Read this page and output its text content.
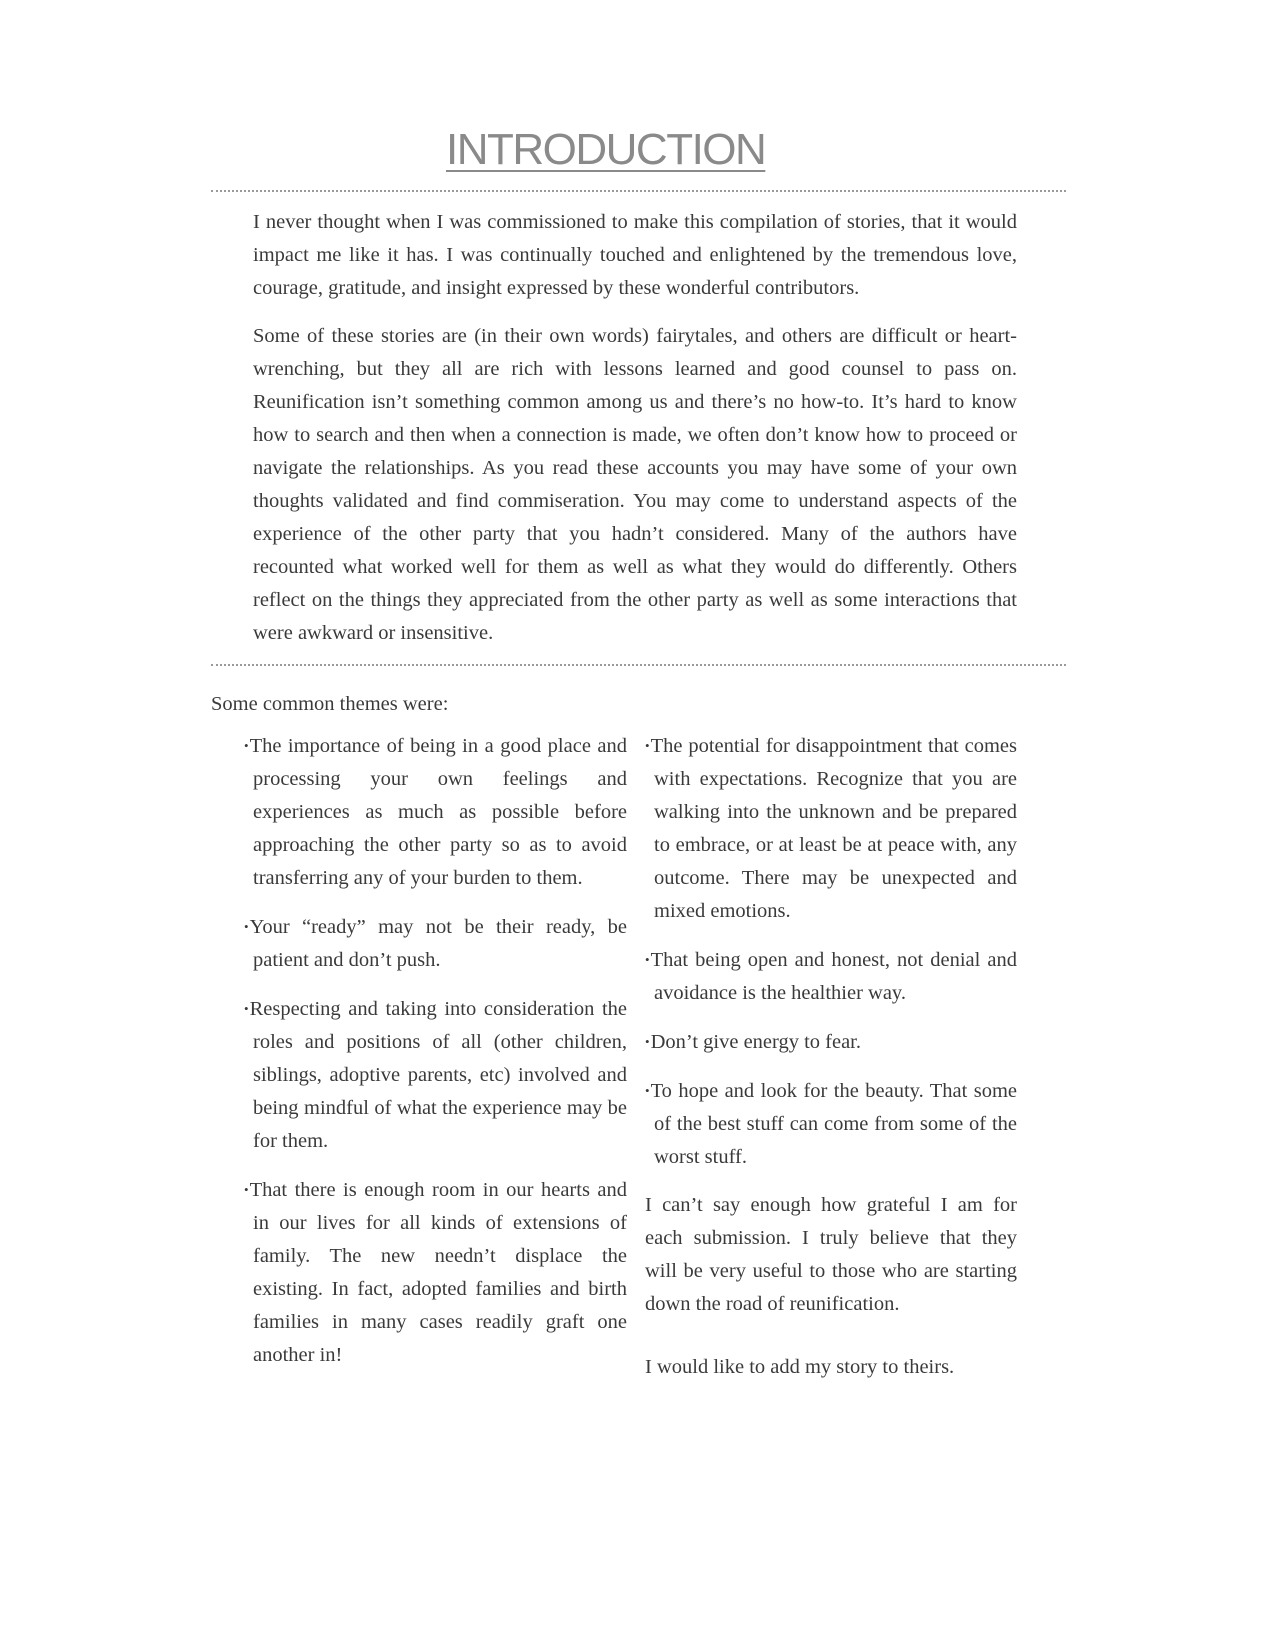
INTRODUCTION

I never thought when I was commissioned to make this compilation of stories, that it would impact me like it has. I was continually touched and enlightened by the tremendous love, courage, gratitude, and insight expressed by these wonderful contributors.

Some of these stories are (in their own words) fairytales, and others are difficult or heart-wrenching, but they all are rich with lessons learned and good counsel to pass on. Reunification isn’t something common among us and there’s no how-to. It’s hard to know how to search and then when a connection is made, we often don’t know how to proceed or navigate the relationships. As you read these accounts you may have some of your own thoughts validated and find commiseration. You may come to understand aspects of the experience of the other party that you hadn’t considered. Many of the authors have recounted what worked well for them as well as what they would do differently. Others reflect on the things they appreciated from the other party as well as some interactions that were awkward or insensitive.

Some common themes were:

•The importance of being in a good place and processing your own feelings and experiences as much as possible before approaching the other party so as to avoid transferring any of your burden to them.

•Your “ready” may not be their ready, be patient and don’t push.

•Respecting and taking into consideration the roles and positions of all (other children, siblings, adoptive parents, etc) involved and being mindful of what the experience may be for them.

•That there is enough room in our hearts and in our lives for all kinds of extensions of family. The new needn’t displace the existing. In fact, adopted families and birth families in many cases readily graft one another in!

•The potential for disappointment that comes with expectations. Recognize that you are walking into the unknown and be prepared to embrace, or at least be at peace with, any outcome. There may be unexpected and mixed emotions.

•That being open and honest, not denial and avoidance is the healthier way.

•Don’t give energy to fear.

•To hope and look for the beauty. That some of the best stuff can come from some of the worst stuff.

I can’t say enough how grateful I am for each submission. I truly believe that they will be very useful to those who are starting down the road of reunification.

I would like to add my story to theirs.
